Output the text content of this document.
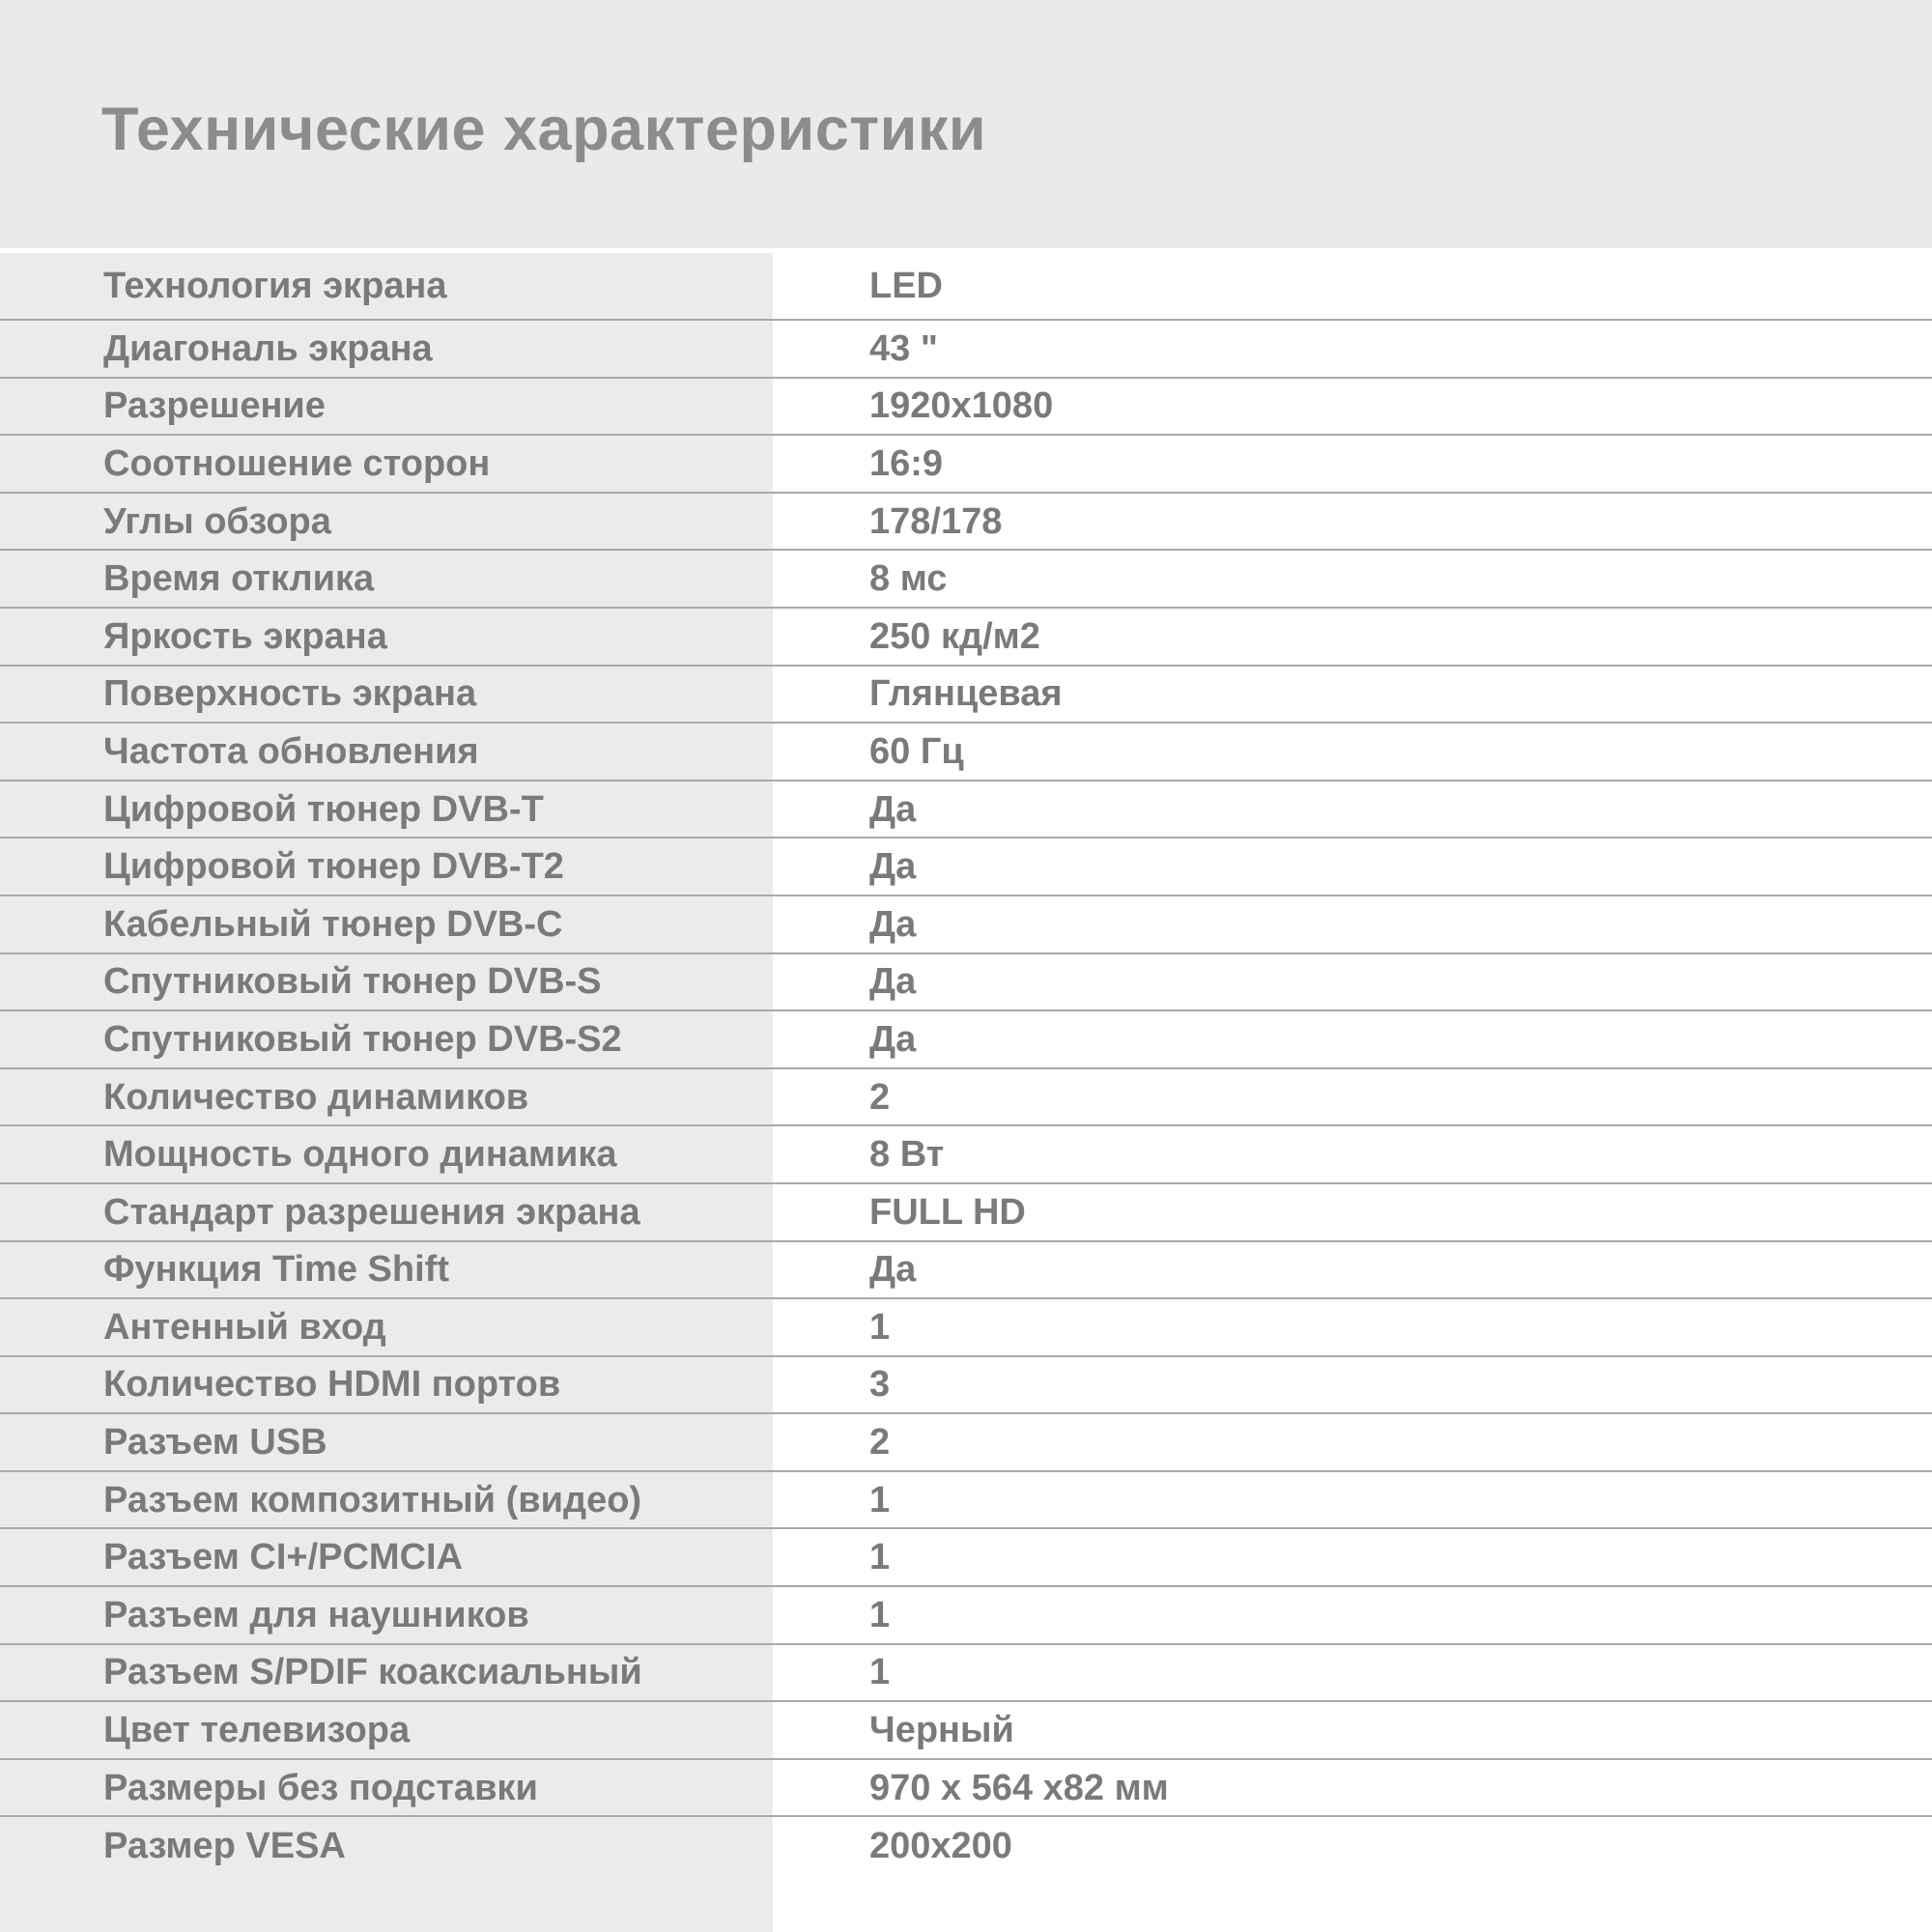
Технические характеристики
Технология экрана	LED
Диагональ экрана	43 "
Разрешение	1920x1080
Соотношение сторон	16:9
Углы обзора	178/178
Время отклика	8 мс
Яркость экрана	250 кд/м2
Поверхность экрана	Глянцевая
Частота обновления	60 Гц
Цифровой тюнер DVB-T	Да
Цифровой тюнер DVB-T2	Да
Кабельный тюнер DVB-C	Да
Спутниковый тюнер DVB-S	Да
Спутниковый тюнер DVB-S2	Да
Количество динамиков	2
Мощность одного динамика	8 Вт
Стандарт разрешения экрана	FULL HD
Функция Time Shift	Да
Антенный вход	1
Количество HDMI портов	3
Разъем USB	2
Разъем композитный (видео)	1
Разъем CI+/PCMCIA	1
Разъем для наушников	1
Разъем S/PDIF коаксиальный	1
Цвет телевизора	Черный
Размеры без подставки	970 x 564 x82 мм
Размер VESA	200x200
